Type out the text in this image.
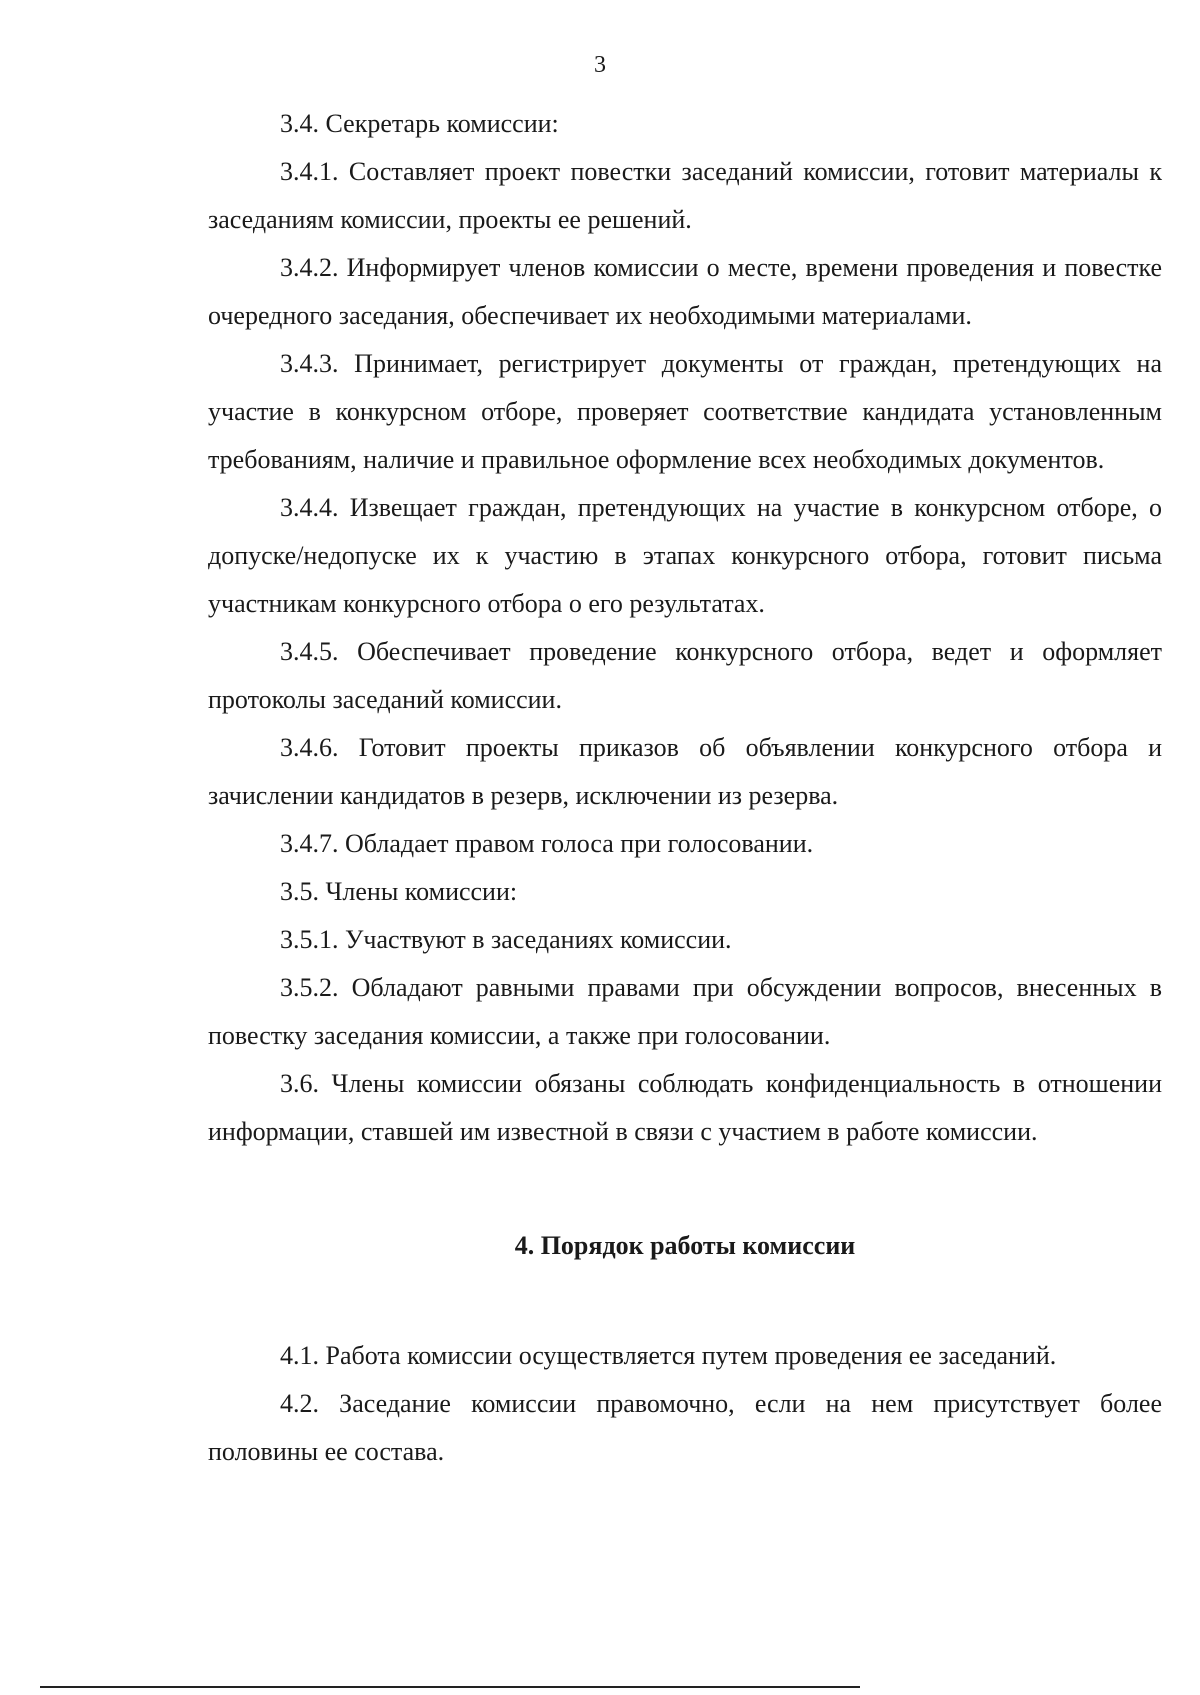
3

3.4. Секретарь комиссии:

3.4.1. Составляет проект повестки заседаний комиссии, готовит материалы к заседаниям комиссии, проекты ее решений.

3.4.2. Информирует членов комиссии о месте, времени проведения и повестке очередного заседания, обеспечивает их необходимыми материалами.

3.4.3. Принимает, регистрирует документы от граждан, претендующих на участие в конкурсном отборе, проверяет соответствие кандидата установленным требованиям, наличие и правильное оформление всех необходимых документов.

3.4.4. Извещает граждан, претендующих на участие в конкурсном отборе, о допуске/недопуске их к участию в этапах конкурсного отбора, готовит письма участникам конкурсного отбора о его результатах.

3.4.5. Обеспечивает проведение конкурсного отбора, ведет и оформляет протоколы заседаний комиссии.

3.4.6. Готовит проекты приказов об объявлении конкурсного отбора и зачислении кандидатов в резерв, исключении из резерва.

3.4.7. Обладает правом голоса при голосовании.

3.5. Члены комиссии:

3.5.1. Участвуют в заседаниях комиссии.

3.5.2. Обладают равными правами при обсуждении вопросов, внесенных в повестку заседания комиссии, а также при голосовании.

3.6. Члены комиссии обязаны соблюдать конфиденциальность в отношении информации, ставшей им известной в связи с участием в работе комиссии.

4. Порядок работы комиссии

4.1. Работа комиссии осуществляется путем проведения ее заседаний.

4.2. Заседание комиссии правомочно, если на нем присутствует более половины ее состава.
